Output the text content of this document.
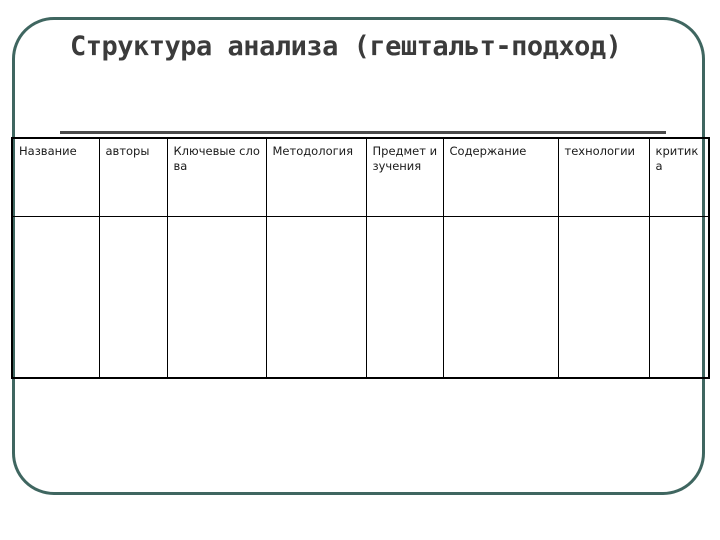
Структура анализа (гештальт-подход)
Название	авторы	Ключевые слова	Методология	Предмет изучения	Содержание	технологии	критика
